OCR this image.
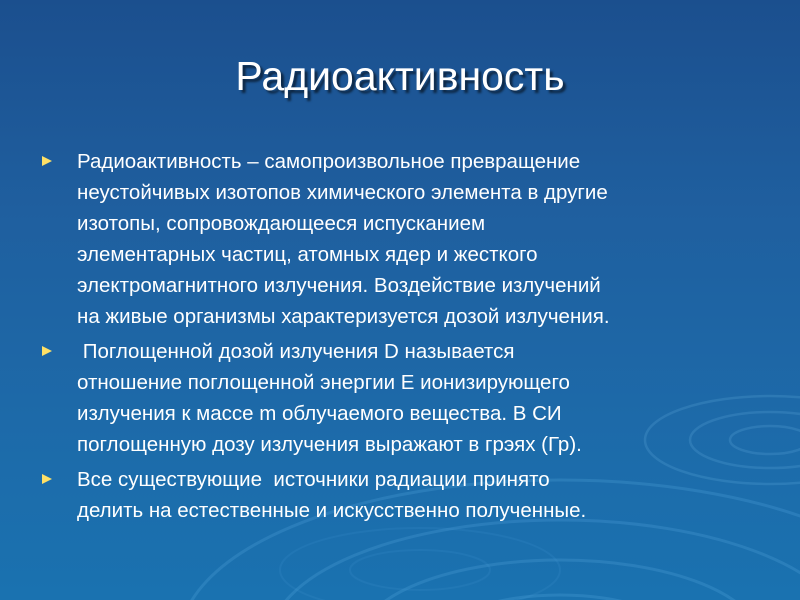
Радиоактивность
Радиоактивность – самопроизвольное превращение
неустойчивых изотопов химического элемента в другие
изотопы, сопровождающееся испусканием
элементарных частиц, атомных ядер и жесткого
электромагнитного излучения. Воздействие излучений
на живые организмы характеризуется дозой излучения.
Поглощенной дозой излучения D называется
отношение поглощенной энергии E ионизирующего
излучения к массе m облучаемого вещества. В СИ
поглощенную дозу излучения выражают в грэях (Гр).
Все существующие  источники радиации принято
делить на естественные и искусственно полученные.
